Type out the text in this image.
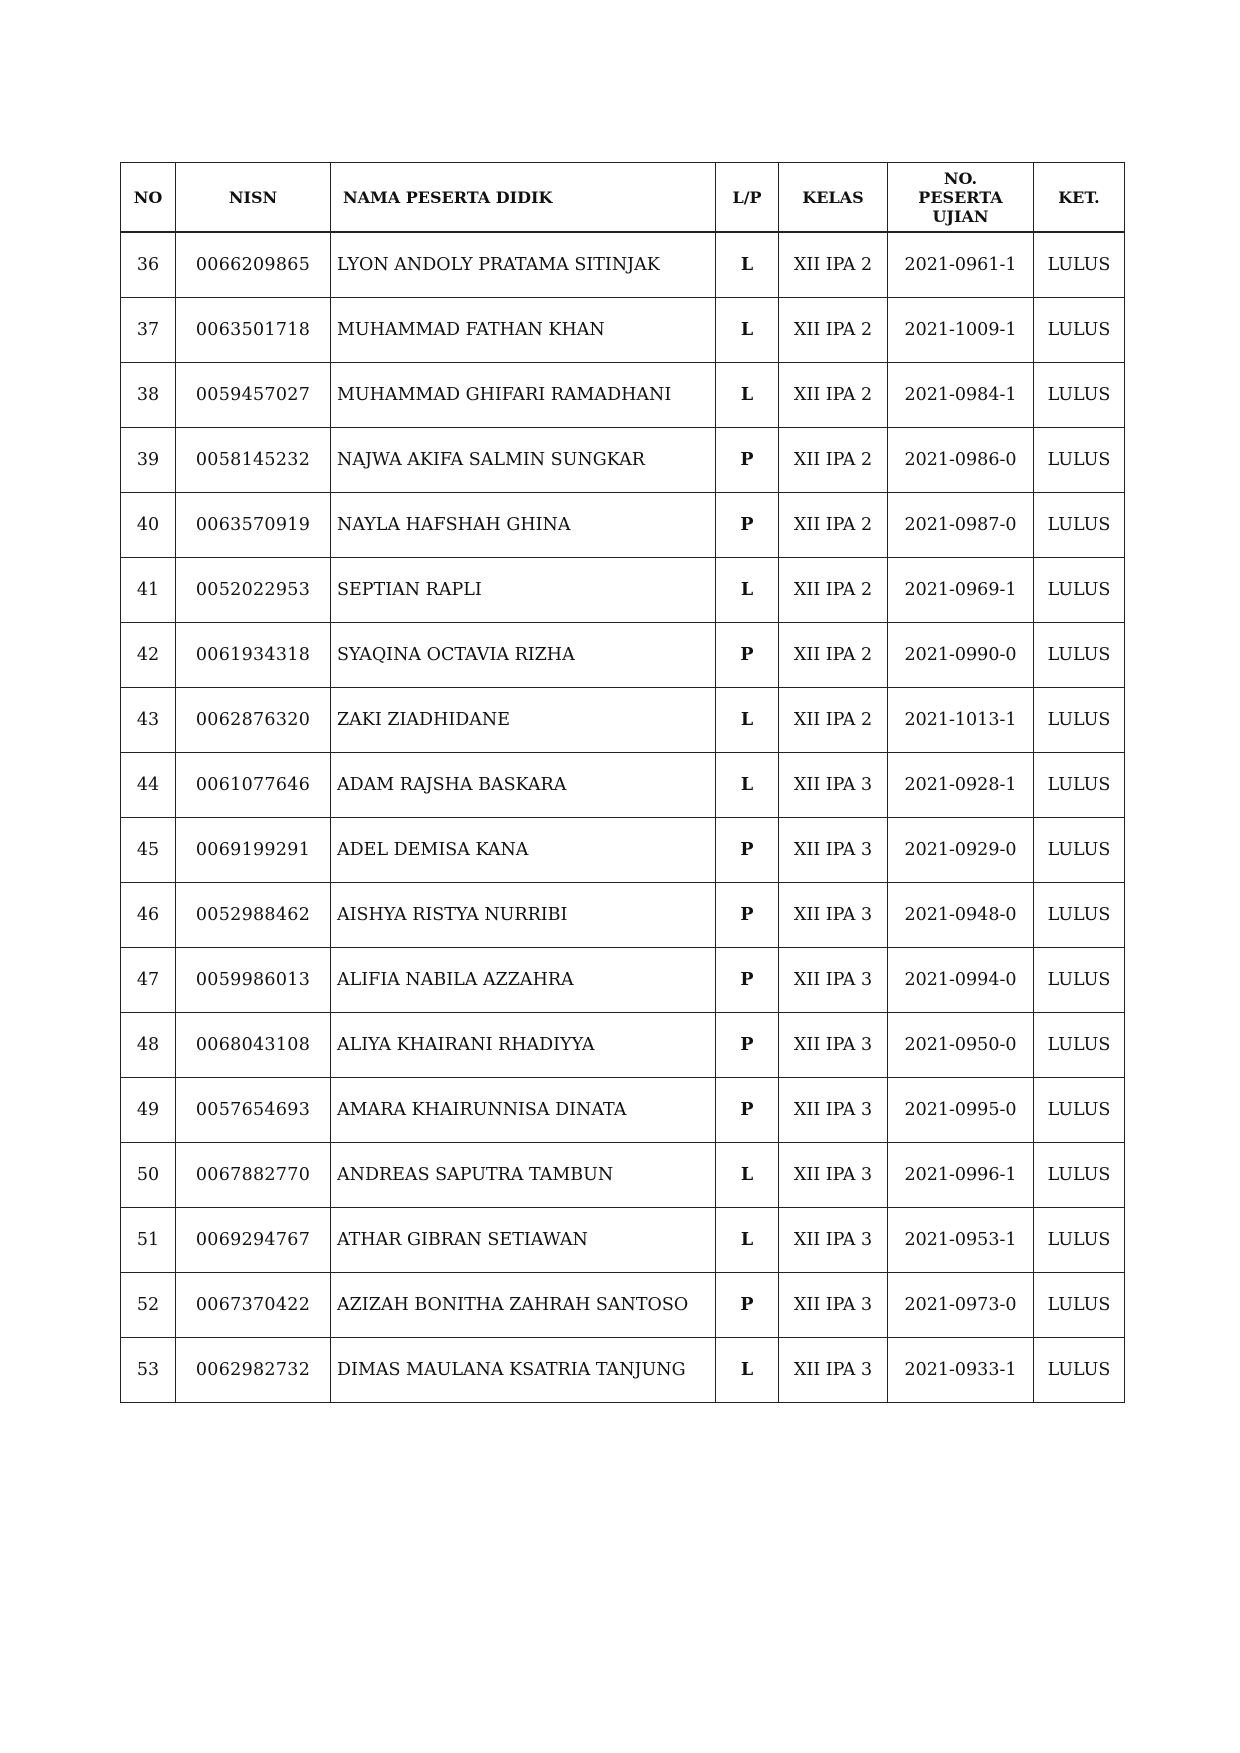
NO	NISN	NAMA PESERTA DIDIK	L/P	KELAS	NO.
PESERTA
UJIAN	KET.
36	0066209865	LYON ANDOLY PRATAMA SITINJAK	L	XII IPA 2	2021-0961-1	LULUS
37	0063501718	MUHAMMAD FATHAN KHAN	L	XII IPA 2	2021-1009-1	LULUS
38	0059457027	MUHAMMAD GHIFARI RAMADHANI	L	XII IPA 2	2021-0984-1	LULUS
39	0058145232	NAJWA AKIFA SALMIN SUNGKAR	P	XII IPA 2	2021-0986-0	LULUS
40	0063570919	NAYLA HAFSHAH GHINA	P	XII IPA 2	2021-0987-0	LULUS
41	0052022953	SEPTIAN RAPLI	L	XII IPA 2	2021-0969-1	LULUS
42	0061934318	SYAQINA OCTAVIA RIZHA	P	XII IPA 2	2021-0990-0	LULUS
43	0062876320	ZAKI ZIADHIDANE	L	XII IPA 2	2021-1013-1	LULUS
44	0061077646	ADAM RAJSHA BASKARA	L	XII IPA 3	2021-0928-1	LULUS
45	0069199291	ADEL DEMISA KANA	P	XII IPA 3	2021-0929-0	LULUS
46	0052988462	AISHYA RISTYA NURRIBI	P	XII IPA 3	2021-0948-0	LULUS
47	0059986013	ALIFIA NABILA AZZAHRA	P	XII IPA 3	2021-0994-0	LULUS
48	0068043108	ALIYA KHAIRANI RHADIYYA	P	XII IPA 3	2021-0950-0	LULUS
49	0057654693	AMARA KHAIRUNNISA DINATA	P	XII IPA 3	2021-0995-0	LULUS
50	0067882770	ANDREAS SAPUTRA TAMBUN	L	XII IPA 3	2021-0996-1	LULUS
51	0069294767	ATHAR GIBRAN SETIAWAN	L	XII IPA 3	2021-0953-1	LULUS
52	0067370422	AZIZAH BONITHA ZAHRAH SANTOSO	P	XII IPA 3	2021-0973-0	LULUS
53	0062982732	DIMAS MAULANA KSATRIA TANJUNG	L	XII IPA 3	2021-0933-1	LULUS
